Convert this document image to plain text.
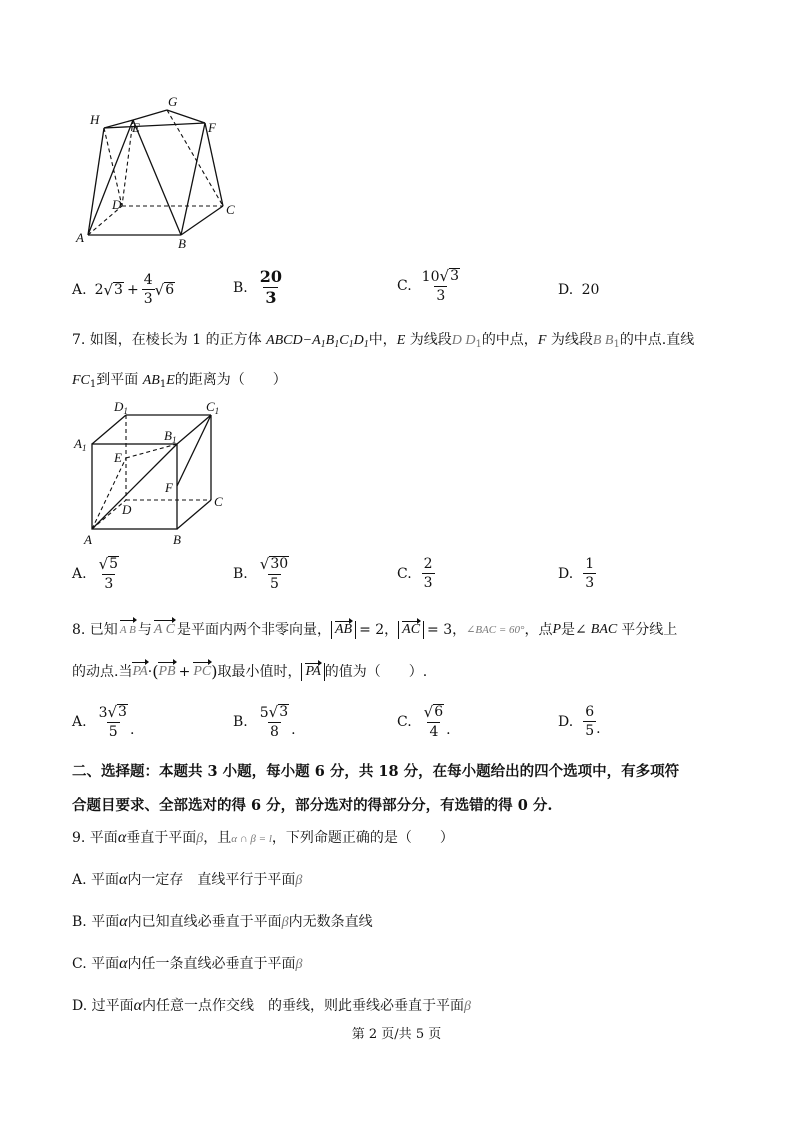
H
G
E	F
D	C
A	B
A. 2 √ $3 + \frac{4}{3}$ √ 6	B. $\frac{20}{3}$	C. $\frac{10 √ 3}{3}$	D. 20
7. 如图，在棱长为 1 的正方体 $ABCD-A_1B_1C_1D_1$中，E 为线段D $D_1$的中点，F 为线段B $B_1$的中点.直线
$FC_1$到平面 $AB_1E$的距离为（　　）
$D_1$	$C_1$
$A_1$
$B_1$
E
F
D
C
A	B
A. $\frac{√ 5}{3}$	B. $\frac{√ 30}{5}$	C. $\frac{2}{3}$	D. $\frac{1}{3}$
8. 已知 A B 与 A C 是平面内两个非零向量， AB = 2 ， AC = 3 ， ∠BAC = 60° ，点 P 是∠ BAC 平分线上
的动点.当 PA · ( PB + PC ) 取最小值时， PA 的值为（　　）.
A. $\frac{3 √ 3}{5}$ .	B. $\frac{5 √ 3}{8}$ .	C. $\frac{√ 6}{4}$ .
D. $\frac{6}{5}$ .
二、选择题：本题共 3 小题，每小题 6 分，共 18 分，在每小题给出的四个选项中，有多项符
合题目要求、全部选对的得 6 分，部分选对的得部分分，有选错的得 0 分.
9. 平面α垂直于平面β，且α ∩ β = l，下列命题正确的是（　　）
A. 平面α内一定存　直线平行于平面β
B. 平面α内已知直线必垂直于平面β内无数条直线
C. 平面α内任一条直线必垂直于平面β
D. 过平面α内任意一点作交线　的垂线，则此垂线必垂直于平面β
第 2 页/共 5 页
